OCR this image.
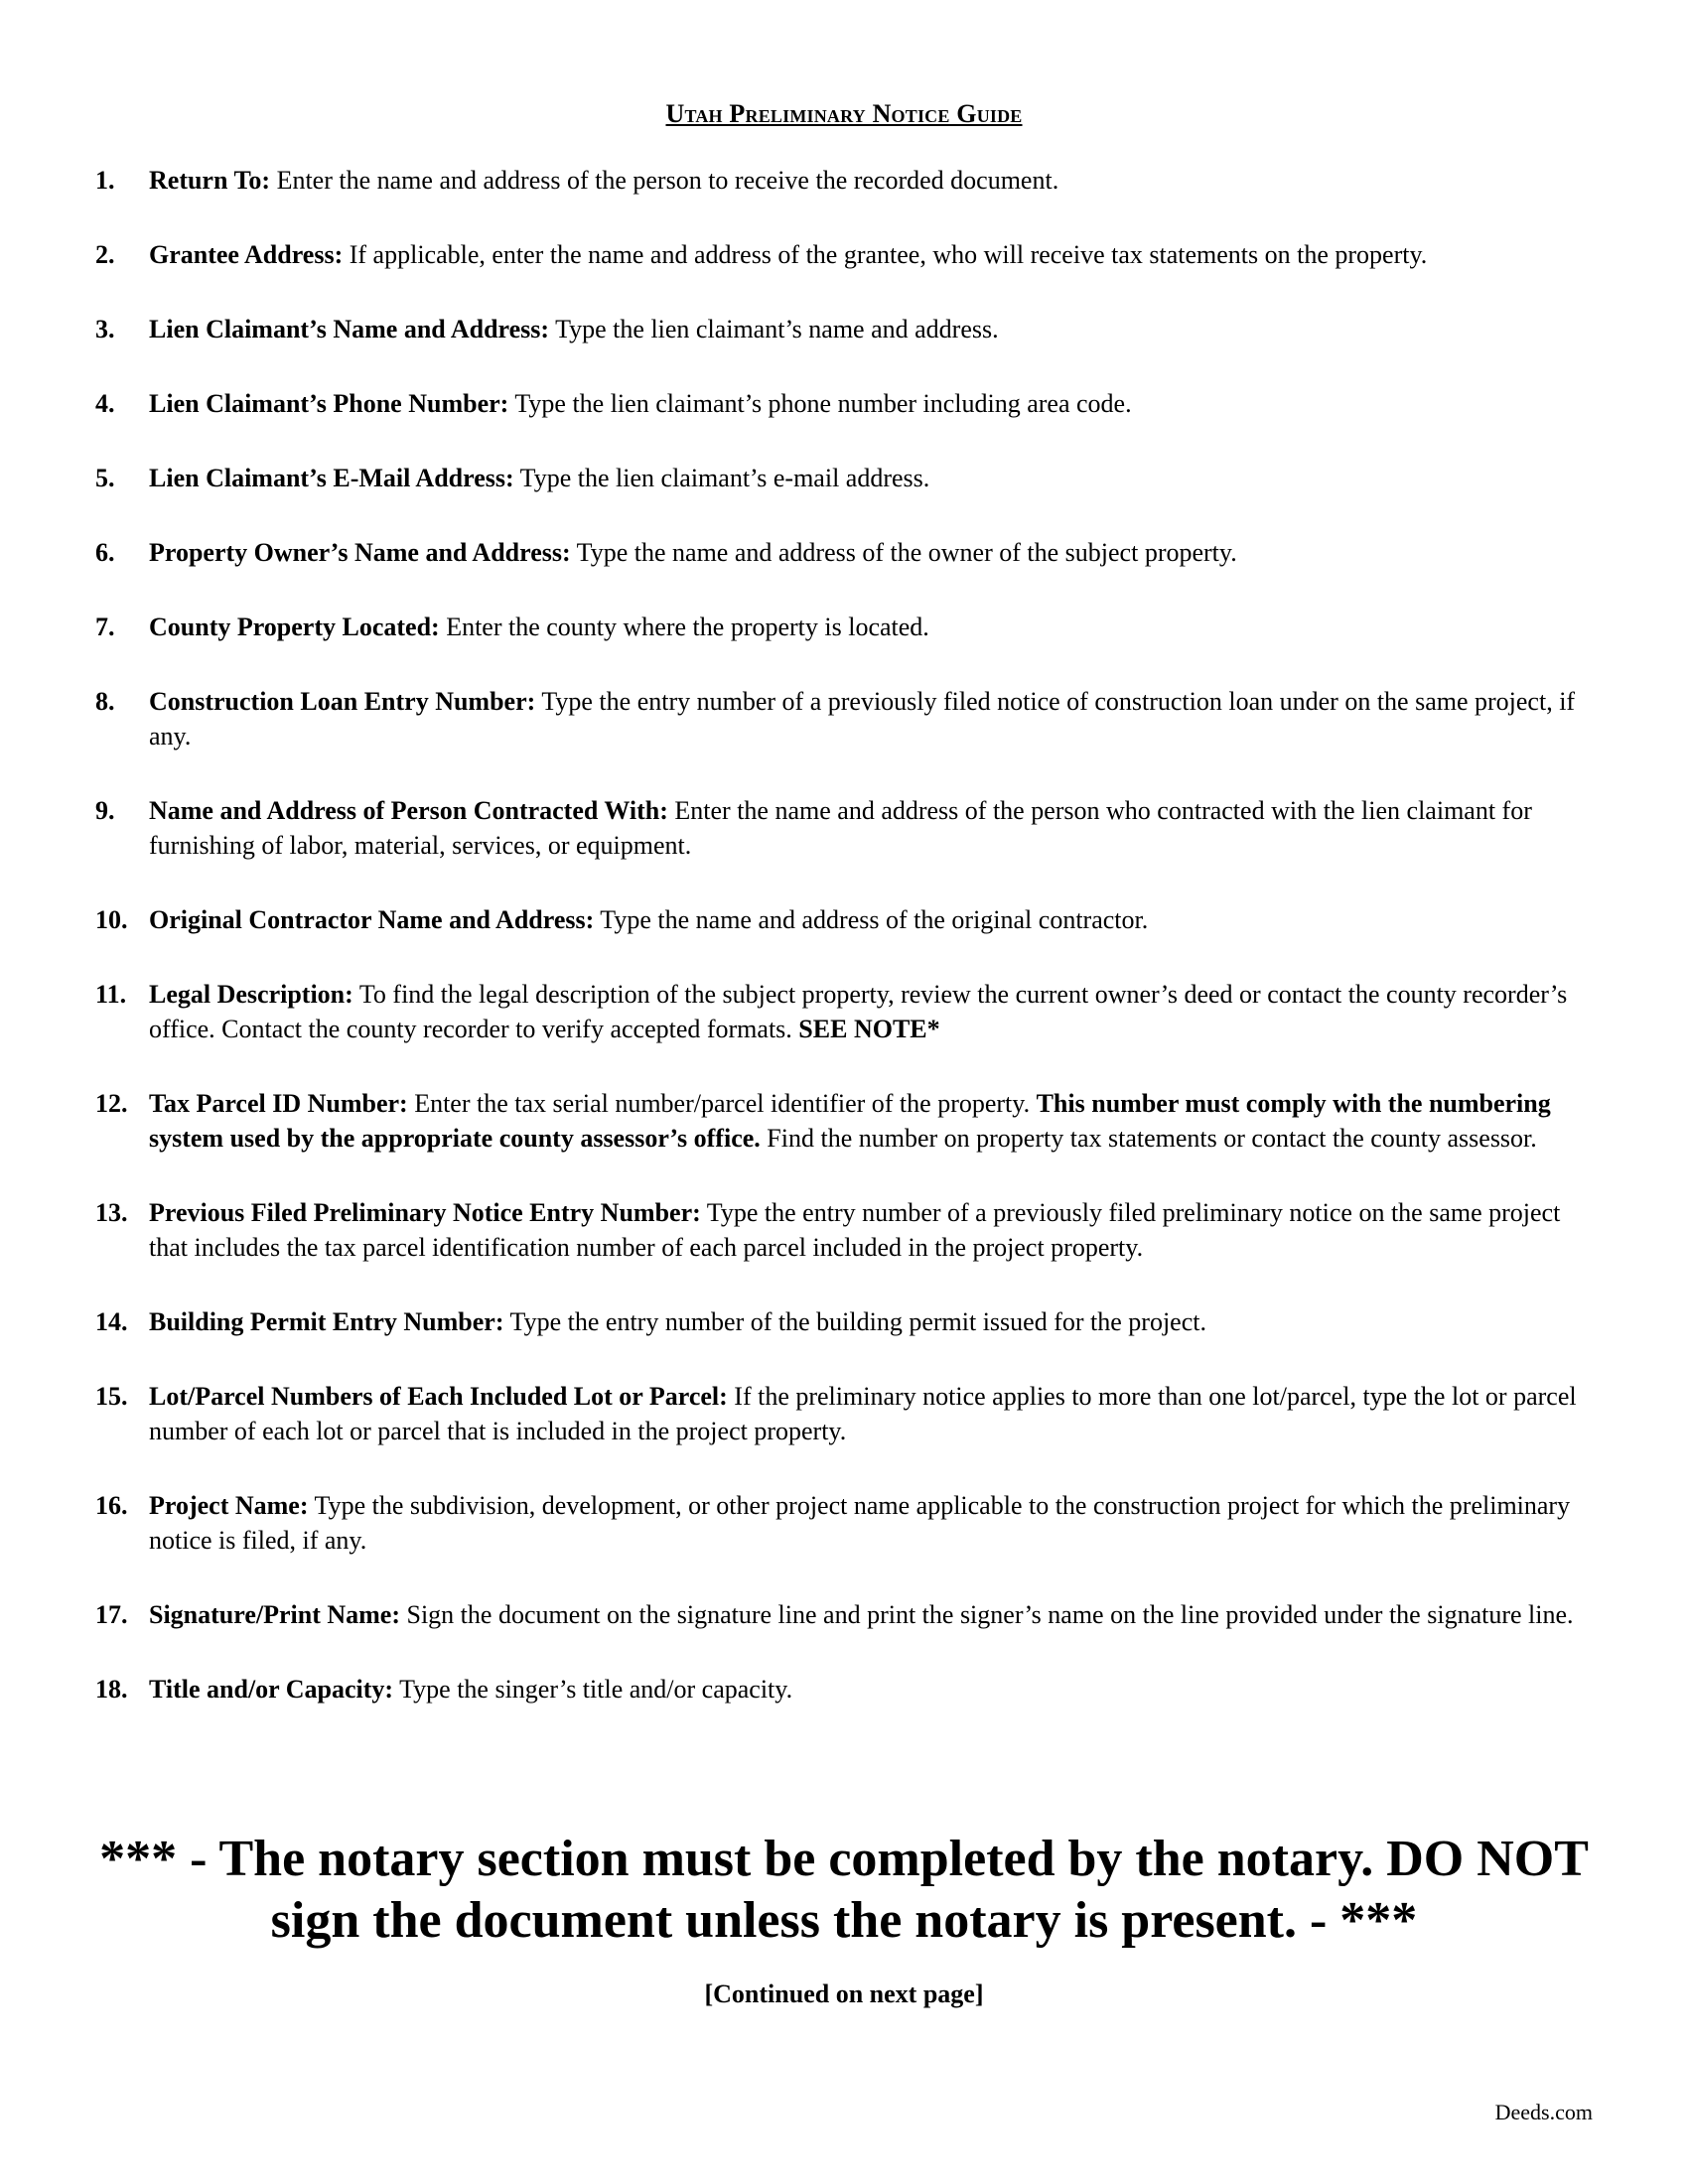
Utah Preliminary Notice Guide
1. Return To: Enter the name and address of the person to receive the recorded document.
2. Grantee Address: If applicable, enter the name and address of the grantee, who will receive tax statements on the property.
3. Lien Claimant’s Name and Address: Type the lien claimant’s name and address.
4. Lien Claimant’s Phone Number: Type the lien claimant’s phone number including area code.
5. Lien Claimant’s E-Mail Address: Type the lien claimant’s e-mail address.
6. Property Owner’s Name and Address: Type the name and address of the owner of the subject property.
7. County Property Located: Enter the county where the property is located.
8. Construction Loan Entry Number: Type the entry number of a previously filed notice of construction loan under on the same project, if any.
9. Name and Address of Person Contracted With: Enter the name and address of the person who contracted with the lien claimant for furnishing of labor, material, services, or equipment.
10. Original Contractor Name and Address: Type the name and address of the original contractor.
11. Legal Description: To find the legal description of the subject property, review the current owner’s deed or contact the county recorder’s office. Contact the county recorder to verify accepted formats. SEE NOTE*
12. Tax Parcel ID Number: Enter the tax serial number/parcel identifier of the property. This number must comply with the numbering system used by the appropriate county assessor’s office. Find the number on property tax statements or contact the county assessor.
13. Previous Filed Preliminary Notice Entry Number: Type the entry number of a previously filed preliminary notice on the same project that includes the tax parcel identification number of each parcel included in the project property.
14. Building Permit Entry Number: Type the entry number of the building permit issued for the project.
15. Lot/Parcel Numbers of Each Included Lot or Parcel: If the preliminary notice applies to more than one lot/parcel, type the lot or parcel number of each lot or parcel that is included in the project property.
16. Project Name: Type the subdivision, development, or other project name applicable to the construction project for which the preliminary notice is filed, if any.
17. Signature/Print Name: Sign the document on the signature line and print the signer’s name on the line provided under the signature line.
18. Title and/or Capacity: Type the singer’s title and/or capacity.
*** - The notary section must be completed by the notary. DO NOT sign the document unless the notary is present. - ***
[Continued on next page]
Deeds.com
